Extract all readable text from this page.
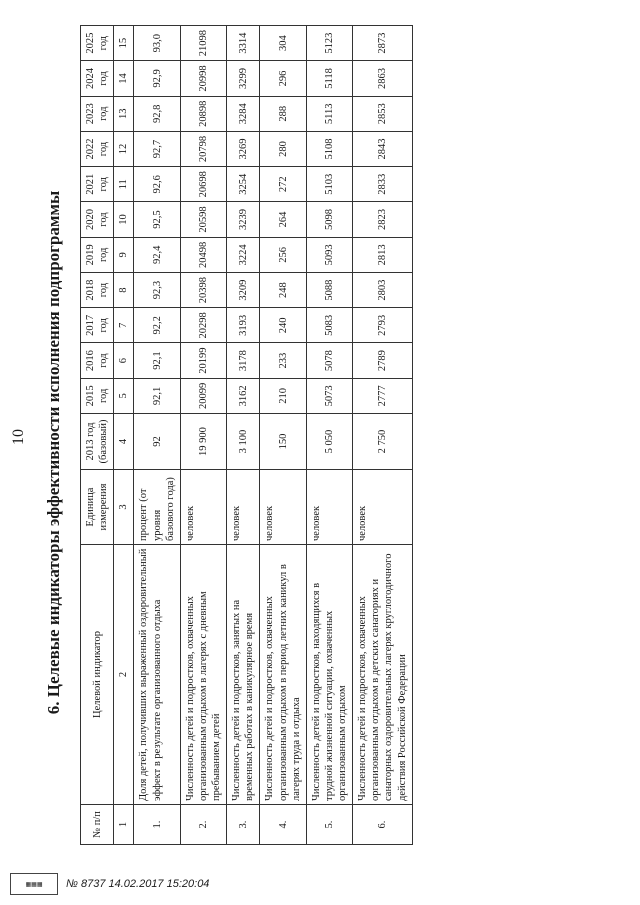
10 6. Целевые индикаторы эффективности исполнения подпрограммы
№ п/п	Целевой индикатор	Единица измерения	2013 год (базовый)	2015 год	2016 год	2017 год	2018 год	2019 год	2020 год	2021 год	2022 год	2023 год	2024 год	2025 год
1	2	3	4	5	6	7	8	9	10	11	12	13	14	15
1.	Доля детей, получивших выраженный оздоровительный эффект в результате организованного отдыха	процент (от уровня базового года)	92	92,1	92,1	92,2	92,3	92,4	92,5	92,6	92,7	92,8	92,9	93,0
2.	Численность детей и подростков, охваченных организованным отдыхом в лагерях с дневным пребыванием детей	человек	19 900	20099	20199	20298	20398	20498	20598	20698	20798	20898	20998	21098
3.	Численность детей и подростков, занятых на временных работах в каникулярное время	человек	3 100	3162	3178	3193	3209	3224	3239	3254	3269	3284	3299	3314
4.	Численность детей и подростков, охваченных организованным отдыхом в период летних каникул в лагерях труда и отдыха	человек	150	210	233	240	248	256	264	272	280	288	296	304
5.	Численность детей и подростков, находящихся в трудной жизненной ситуации, охваченных организованным отдыхом	человек	5 050	5073	5078	5083	5088	5093	5098	5103	5108	5113	5118	5123
6.	Численность детей и подростков, охваченных организованным отдыхом в детских санаториях и санаторных оздоровительных лагерях круглогодичного действия Российской Федерации	человек	2 750	2777	2789	2793	2803	2813	2823	2833	2843	2853	2863	2873
▦▦▦	№ 8737 14.02.2017 15:20:04
